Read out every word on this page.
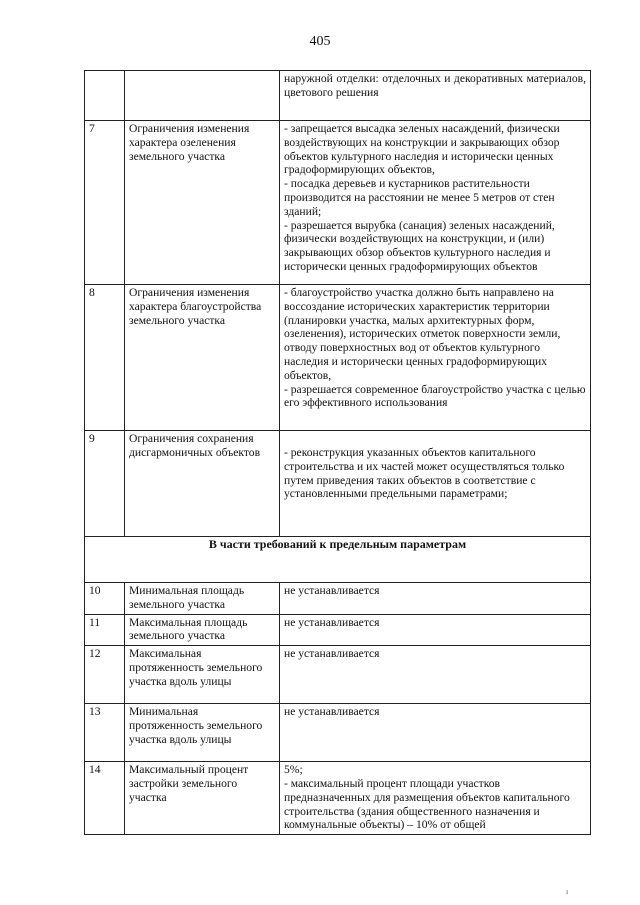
405
		наружной отделки: отделочных и декоративных материалов, цветового решения
7	Ограничения изменения характера озеленения земельного участка	- запрещается высадка зеленых насаждений, физически воздействующих на конструкции и закрывающих обзор объектов культурного наследия и исторически ценных градоформирующих объектов,
- посадка деревьев и кустарников растительности производится на расстоянии не менее 5 метров от стен зданий;
- разрешается вырубка (санация) зеленых насаждений, физически воздействующих на конструкции, и (или) закрывающих обзор объектов культурного наследия и исторически ценных градоформирующих объектов
8	Ограничения изменения характера благоустройства земельного участка	- благоустройство участка должно быть направлено на воссоздание исторических характеристик территории (планировки участка, малых архитектурных форм, озеленения), исторических отметок поверхности земли, отводу поверхностных вод от объектов культурного наследия и исторически ценных градоформирующих объектов,
- разрешается современное благоустройство участка с целью его эффективного использования
9	Ограничения сохранения дисгармоничных объектов	- реконструкция указанных объектов капитального строительства и их частей может осуществляться только путем приведения таких объектов в соответствие с установленными предельными параметрами;
В части требований к предельным параметрам		
10	Минимальная площадь земельного участка	не устанавливается
11	Максимальная площадь земельного участка	не устанавливается
12	Максимальная протяженность земельного участка вдоль улицы	не устанавливается
13	Минимальная протяженность земельного участка вдоль улицы	не устанавливается
14	Максимальный процент застройки земельного участка	5%;
- максимальный процент площади участков предназначенных для размещения объектов капитального строительства (здания общественного назначения и коммунальные объекты) – 10% от общей
ı
